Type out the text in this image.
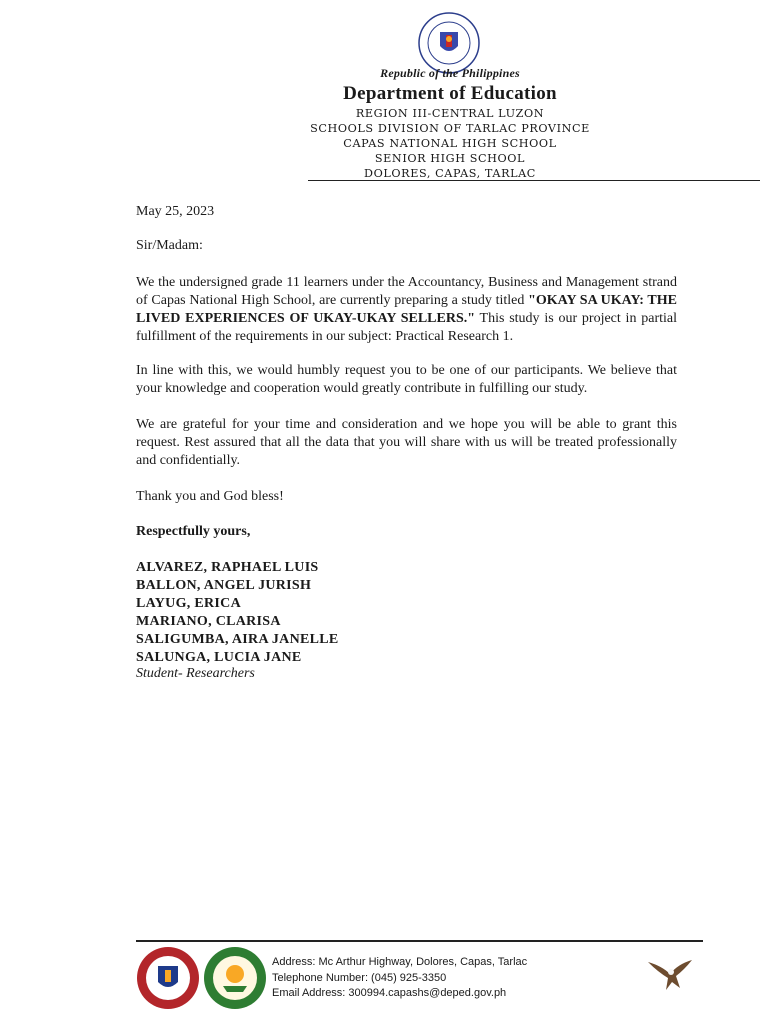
Republic of the Philippines
Department of Education
REGION III-CENTRAL LUZON
SCHOOLS DIVISION OF TARLAC PROVINCE
CAPAS NATIONAL HIGH SCHOOL
SENIOR HIGH SCHOOL
DOLORES, CAPAS, TARLAC

May 25, 2023

Sir/Madam:

We the undersigned grade 11 learners under the Accountancy, Business and Management strand of Capas National High School, are currently preparing a study titled "OKAY SA UKAY: THE LIVED EXPERIENCES OF UKAY-UKAY SELLERS." This study is our project in partial fulfillment of the requirements in our subject: Practical Research 1.

In line with this, we would humbly request you to be one of our participants. We believe that your knowledge and cooperation would greatly contribute in fulfilling our study.

We are grateful for your time and consideration and we hope you will be able to grant this request. Rest assured that all the data that you will share with us will be treated professionally and confidentially.

Thank you and God bless!

Respectfully yours,

ALVAREZ, RAPHAEL LUIS
BALLON, ANGEL JURISH
LAYUG, ERICA
MARIANO, CLARISA
SALIGUMBA, AIRA JANELLE
SALUNGA, LUCIA JANE

Student- Researchers

Address: Mc Arthur Highway, Dolores, Capas, Tarlac
Telephone Number: (045) 925-3350
Email Address: 300994.capashs@deped.gov.ph
